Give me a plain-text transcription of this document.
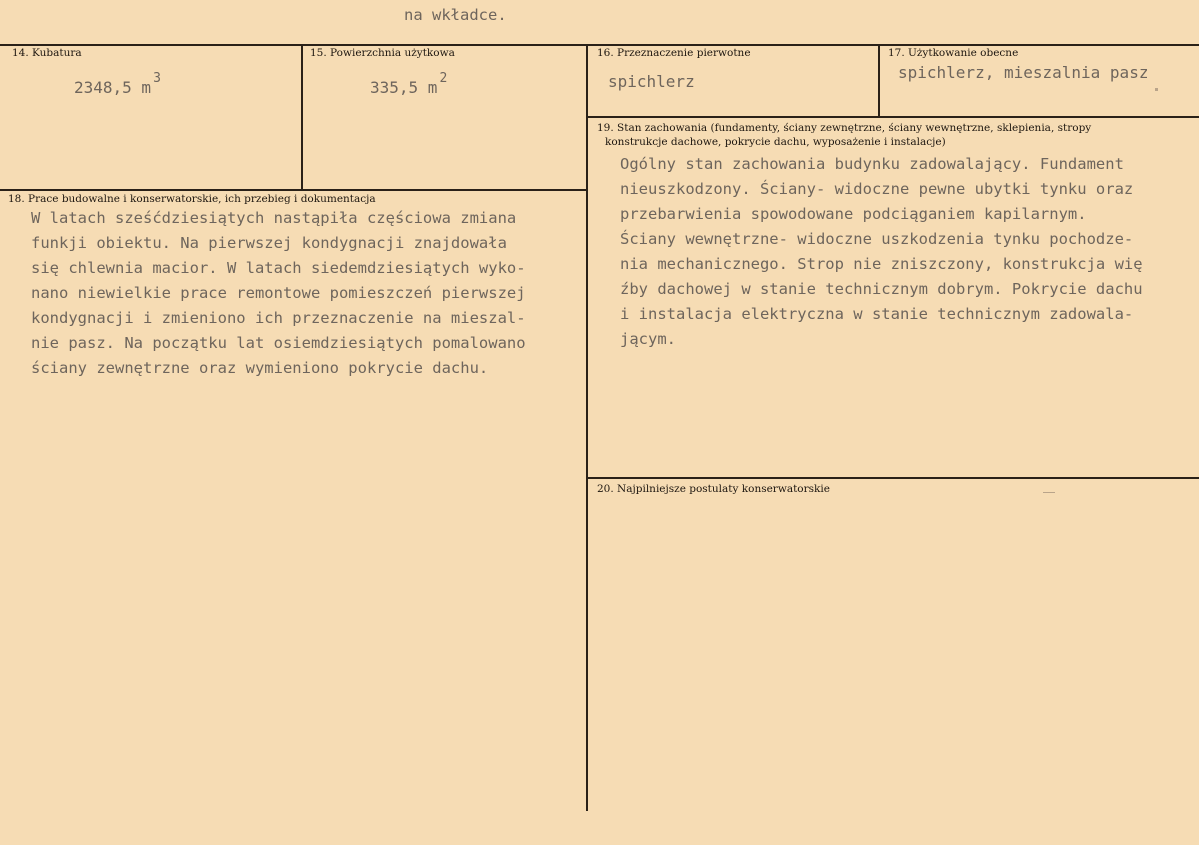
na wkładce.
14. Kubatura
2348,5 m $^3$
15. Powierzchnia użytkowa
335,5 m $^2$
16. Przeznaczenie pierwotne
spichlerz
17. Użytkowanie obecne
spichlerz, mieszalnia pasz
18. Prace budowalne i konserwatorskie, ich przebieg i dokumentacja
W latach sześćdziesiątych nastąpiła częściowa zmiana
funkji obiektu. Na pierwszej kondygnacji znajdowała
się chlewnia macior. W latach siedemdziesiątych wyko-
nano niewielkie prace remontowe pomieszczeń pierwszej
kondygnacji i zmieniono ich przeznaczenie na mieszal-
nie pasz. Na początku lat osiemdziesiątych pomalowano
ściany zewnętrzne oraz wymieniono pokrycie dachu.
19. Stan zachowania (fundamenty, ściany zewnętrzne, ściany wewnętrzne, sklepienia, stropy
konstrukcje dachowe, pokrycie dachu, wyposażenie i instalacje)
Ogólny stan zachowania budynku zadowalający. Fundament
nieuszkodzony. Ściany- widoczne pewne ubytki tynku oraz
przebarwienia spowodowane podciąganiem kapilarnym.
Ściany wewnętrzne- widoczne uszkodzenia tynku pochodze-
nia mechanicznego. Strop nie zniszczony, konstrukcja wię
źby dachowej w stanie technicznym dobrym. Pokrycie dachu
i instalacja elektryczna w stanie technicznym zadowala-
jącym.
20. Najpilniejsze postulaty konserwatorskie
